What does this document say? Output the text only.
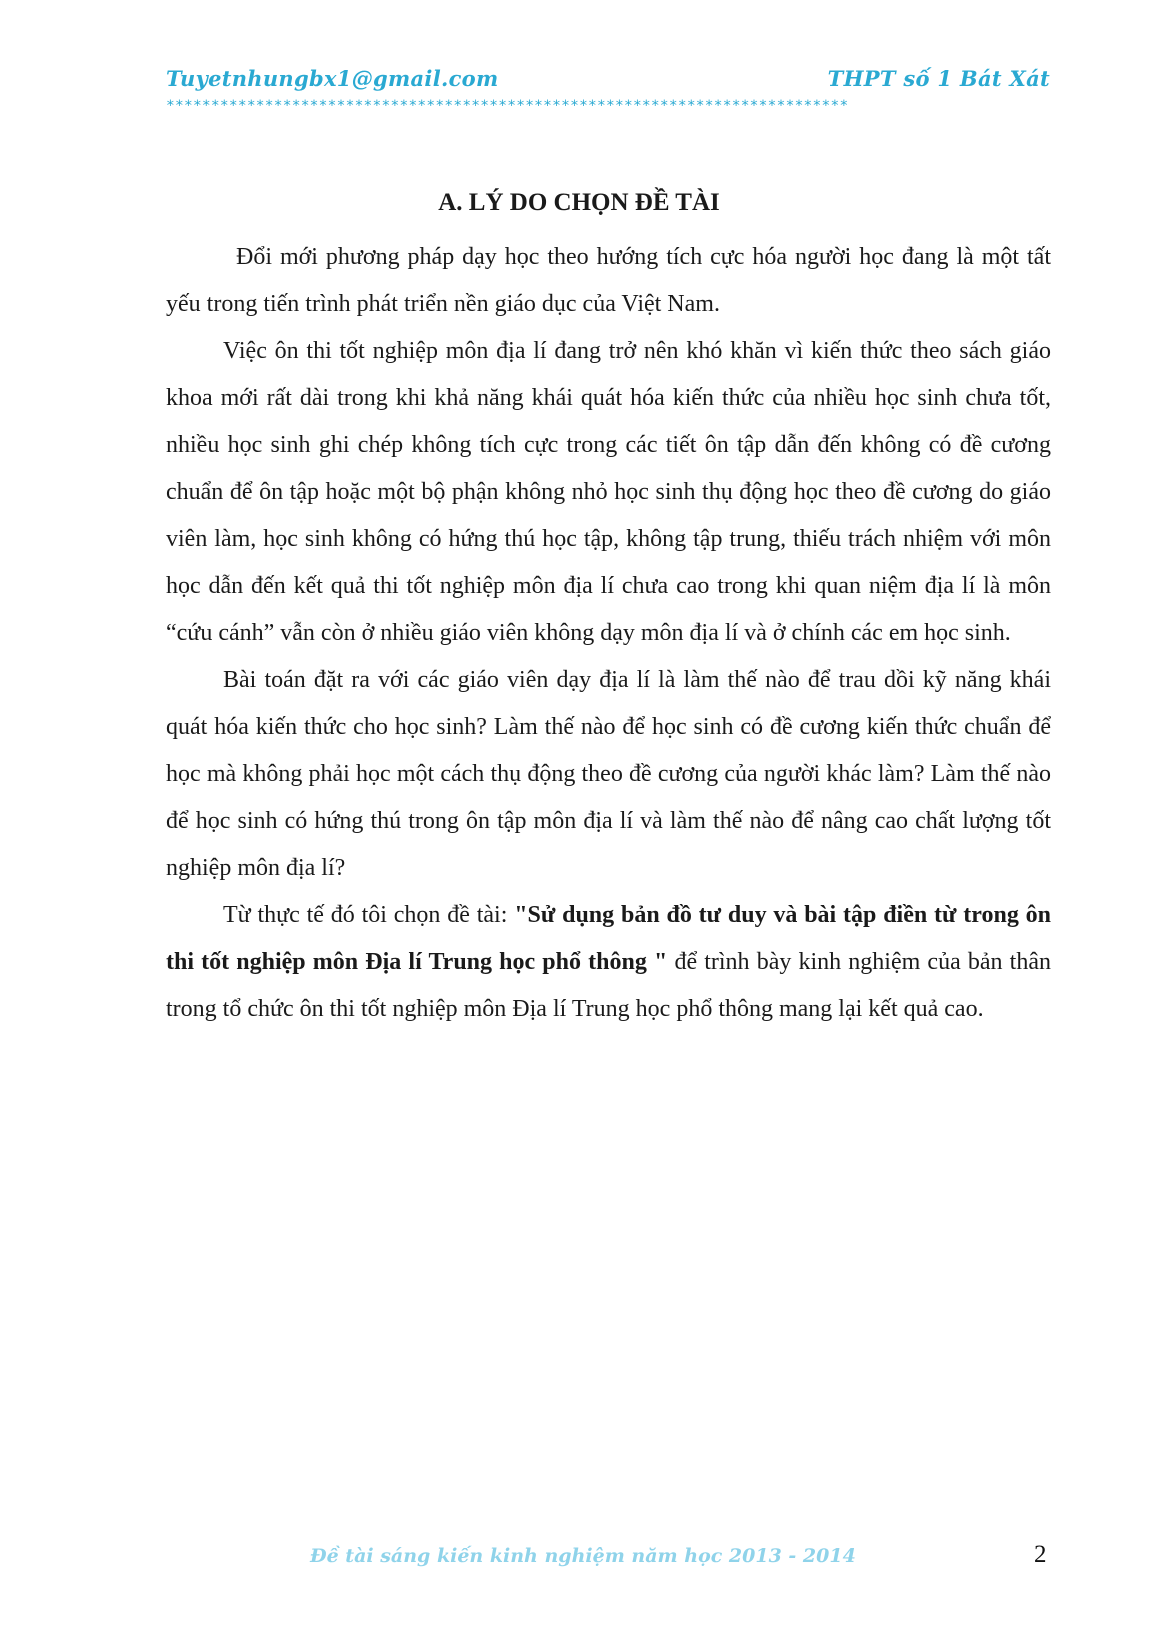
Tuyetnhungbx1@gmail.com	THPT số 1 Bát Xát
****************************************************************************
A. LÝ DO CHỌN ĐỀ TÀI

Đổi mới phương pháp dạy học theo hướng tích cực hóa người học đang là một tất yếu trong tiến trình phát triển nền giáo dục của Việt Nam.

Việc ôn thi tốt nghiệp môn địa lí đang trở nên khó khăn vì kiến thức theo sách giáo khoa mới rất dài trong khi khả năng khái quát hóa kiến thức của nhiều học sinh chưa tốt, nhiều học sinh ghi chép không tích cực trong các tiết ôn tập dẫn đến không có đề cương chuẩn để ôn tập hoặc một bộ phận không nhỏ học sinh thụ động học theo đề cương do giáo viên làm, học sinh không có hứng thú học tập, không tập trung, thiếu trách nhiệm với môn học dẫn đến kết quả thi tốt nghiệp môn địa lí chưa cao trong khi quan niệm địa lí là môn “cứu cánh” vẫn còn ở nhiều giáo viên không dạy môn địa lí và ở chính các em học sinh.

Bài toán đặt ra với các giáo viên dạy địa lí là làm thế nào để trau dồi kỹ năng khái quát hóa kiến thức cho học sinh? Làm thế nào để học sinh có đề cương kiến thức chuẩn để học mà không phải học một cách thụ động theo đề cương của người khác làm? Làm thế nào để học sinh có hứng thú trong ôn tập môn địa lí và làm thế nào để nâng cao chất lượng tốt nghiệp môn địa lí?

Từ thực tế đó tôi chọn đề tài: "Sử dụng bản đồ tư duy và bài tập điền từ trong ôn thi tốt nghiệp môn Địa lí Trung học phổ thông " để trình bày kinh nghiệm của bản thân trong tổ chức ôn thi tốt nghiệp môn Địa lí Trung học phổ thông mang lại kết quả cao.

Đề tài sáng kiến kinh nghiệm năm học 2013 - 2014	2
